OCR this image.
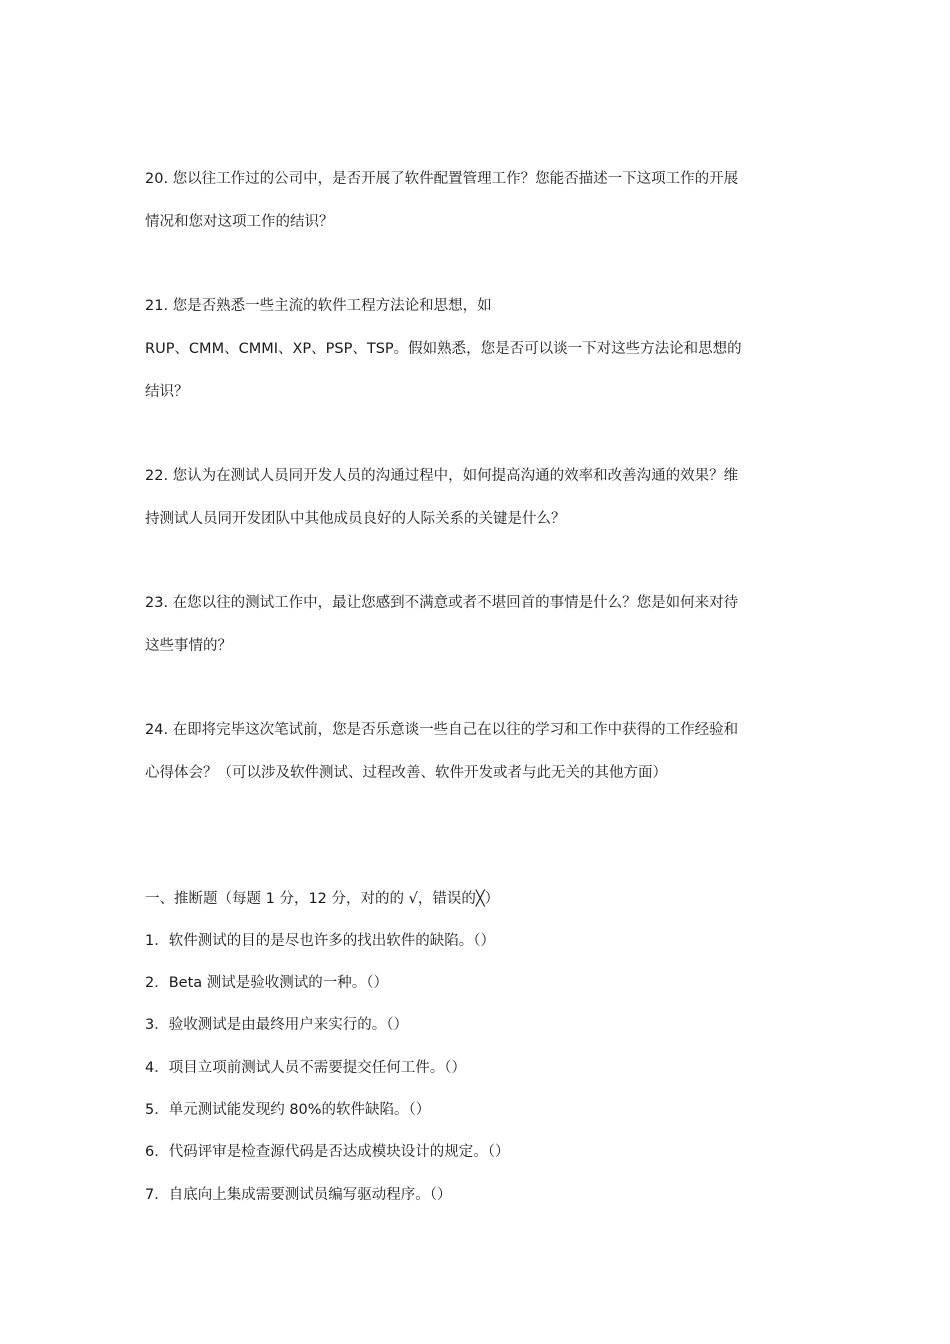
20. 您以往工作过的公司中，是否开展了软件配置管理工作？您能否描述一下这项工作的开展

情况和您对这项工作的结识？

21. 您是否熟悉一些主流的软件工程方法论和思想，如

RUP、CMM、CMMI、XP、PSP、TSP。假如熟悉，您是否可以谈一下对这些方法论和思想的

结识？

22. 您认为在测试人员同开发人员的沟通过程中，如何提高沟通的效率和改善沟通的效果？维

持测试人员同开发团队中其他成员良好的人际关系的关键是什么？

23. 在您以往的测试工作中，最让您感到不满意或者不堪回首的事情是什么？您是如何来对待

这些事情的？

24. 在即将完毕这次笔试前，您是否乐意谈一些自己在以往的学习和工作中获得的工作经验和

心得体会？（可以涉及软件测试、过程改善、软件开发或者与此无关的其他方面）

一、推断题（每题 1 分，12 分，对的的 √，错误的╳）

1．软件测试的目的是尽也许多的找出软件的缺陷。（）

2．Beta 测试是验收测试的一种。（）

3．验收测试是由最终用户来实行的。（）

4．项目立项前测试人员不需要提交任何工件。（）

5．单元测试能发现约 80%的软件缺陷。（）

6．代码评审是检查源代码是否达成模块设计的规定。（）

7．自底向上集成需要测试员编写驱动程序。（）
